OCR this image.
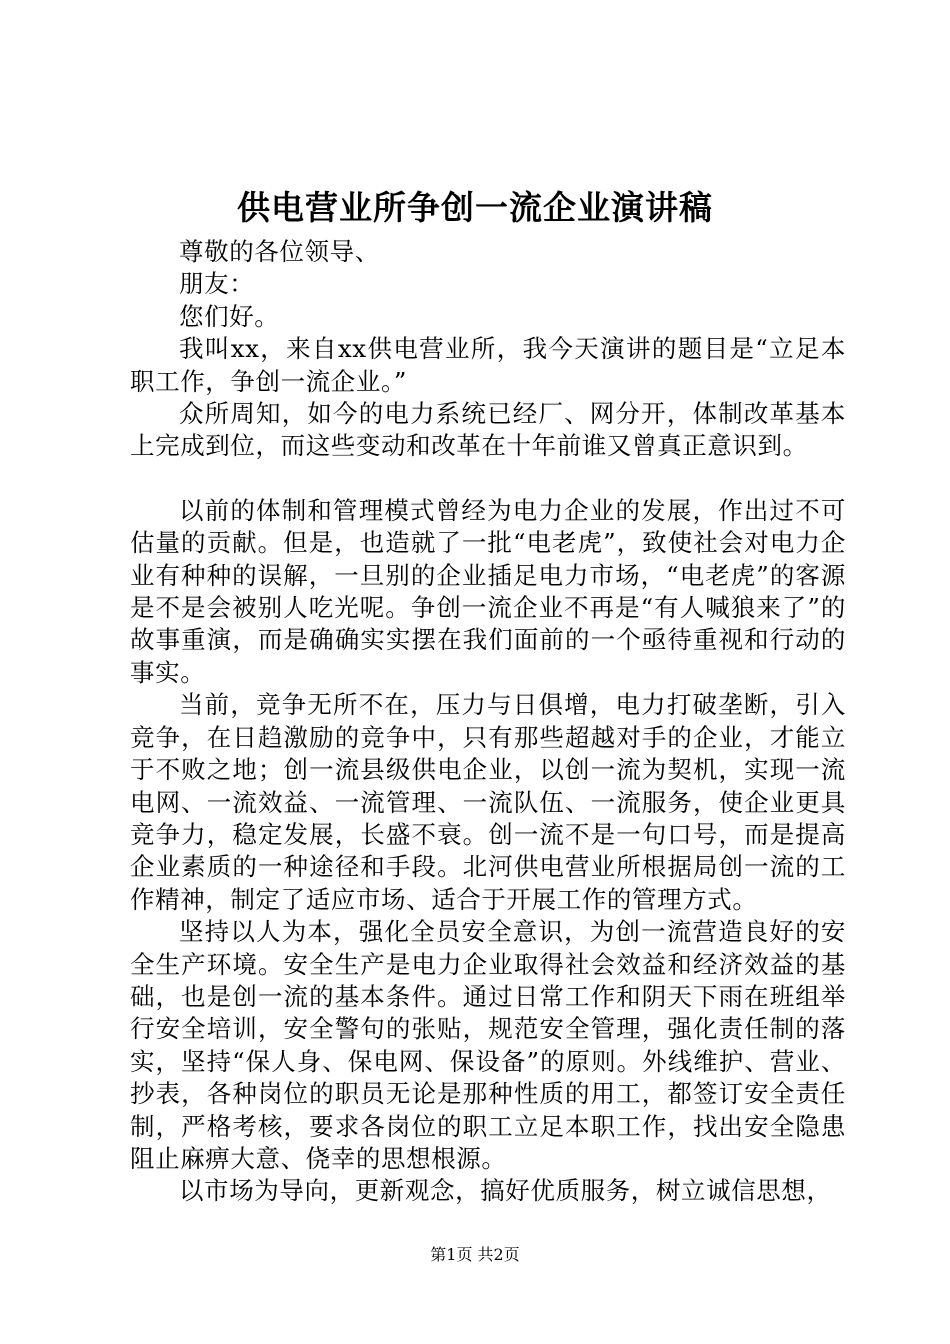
供电营业所争创一流企业演讲稿

尊敬的各位领导、

朋友：

您们好。

我叫xx，来自xx供电营业所，我今天演讲的题目是“立足本职工作，争创一流企业。”

众所周知，如今的电力系统已经厂、网分开，体制改革基本上完成到位，而这些变动和改革在十年前谁又曾真正意识到。

以前的体制和管理模式曾经为电力企业的发展，作出过不可估量的贡献。但是，也造就了一批“电老虎”，致使社会对电力企业有种种的误解，一旦别的企业插足电力市场，“电老虎”的客源是不是会被别人吃光呢。争创一流企业不再是“有人喊狼来了”的故事重演，而是确确实实摆在我们面前的一个亟待重视和行动的事实。

当前，竞争无所不在，压力与日俱增，电力打破垄断，引入竞争，在日趋激励的竞争中，只有那些超越对手的企业，才能立于不败之地；创一流县级供电企业，以创一流为契机，实现一流电网、一流效益、一流管理、一流队伍、一流服务，使企业更具竞争力，稳定发展，长盛不衰。创一流不是一句口号，而是提高企业素质的一种途径和手段。北河供电营业所根据局创一流的工作精神，制定了适应市场、适合于开展工作的管理方式。

坚持以人为本，强化全员安全意识，为创一流营造良好的安全生产环境。安全生产是电力企业取得社会效益和经济效益的基础，也是创一流的基本条件。通过日常工作和阴天下雨在班组举行安全培训，安全警句的张贴，规范安全管理，强化责任制的落实，坚持“保人身、保电网、保设备”的原则。外线维护、营业、抄表，各种岗位的职员无论是那种性质的用工，都签订安全责任制，严格考核，要求各岗位的职工立足本职工作，找出安全隐患阻止麻痹大意、侥幸的思想根源。

以市场为导向，更新观念，搞好优质服务，树立诚信思想，

第1页 共2页
